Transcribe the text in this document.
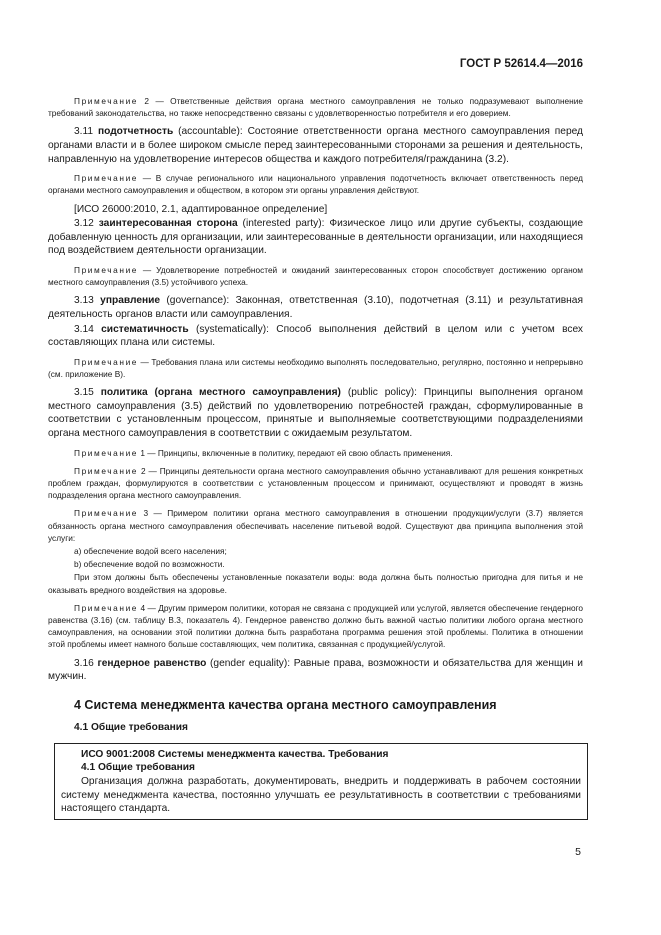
ГОСТ Р 52614.4—2016

Примечание 2 — Ответственные действия органа местного самоуправления не только подразумевают выполнение требований законодательства, но также непосредственно связаны с удовлетворенностью потребителя и его доверием.

3.11 подотчетность (accountable): Состояние ответственности органа местного самоуправления перед органами власти и в более широком смысле перед заинтересованными сторонами за решения и деятельность, направленную на удовлетворение интересов общества и каждого потребителя/гражданина (3.2).

Примечание — В случае регионального или национального управления подотчетность включает ответственность перед органами местного самоуправления и обществом, в котором эти органы управления действуют.

[ИСО 26000:2010, 2.1, адаптированное определение]

3.12 заинтересованная сторона (interested party): Физическое лицо или другие субъекты, создающие добавленную ценность для организации, или заинтересованные в деятельности организации, или находящиеся под воздействием деятельности организации.

Примечание — Удовлетворение потребностей и ожиданий заинтересованных сторон способствует достижению органом местного самоуправления (3.5) устойчивого успеха.

3.13 управление (governance): Законная, ответственная (3.10), подотчетная (3.11) и результативная деятельность органов власти или самоуправления.

3.14 систематичность (systematically): Способ выполнения действий в целом или с учетом всех составляющих плана или системы.

Примечание — Требования плана или системы необходимо выполнять последовательно, регулярно, постоянно и непрерывно (см. приложение В).

3.15 политика (органа местного самоуправления) (public policy): Принципы выполнения органом местного самоуправления (3.5) действий по удовлетворению потребностей граждан, сформулированные в соответствии с установленным процессом, принятые и выполняемые соответствующими подразделениями органа местного самоуправления в соответствии с ожидаемым результатом.

Примечание 1 — Принципы, включенные в политику, передают ей свою область применения.

Примечание 2 — Принципы деятельности органа местного самоуправления обычно устанавливают для решения конкретных проблем граждан, формулируются в соответствии с установленным процессом и принимают, осуществляют и проводят в жизнь подразделения органа местного самоуправления.

Примечание 3 — Примером политики органа местного самоуправления в отношении продукции/услуги (3.7) является обязанность органа местного самоуправления обеспечивать население питьевой водой. Существуют два принципа выполнения этой услуги:

a) обеспечение водой всего населения;

b) обеспечение водой по возможности.

При этом должны быть обеспечены установленные показатели воды: вода должна быть полностью пригодна для питья и не оказывать вредного воздействия на здоровье.

Примечание 4 — Другим примером политики, которая не связана с продукцией или услугой, является обеспечение гендерного равенства (3.16) (см. таблицу В.3, показатель 4). Гендерное равенство должно быть важной частью политики любого органа местного самоуправления, на основании этой политики должна быть разработана программа решения этой проблемы. Политика в отношении этой проблемы имеет намного больше составляющих, чем политика, связанная с продукцией/услугой.

3.16 гендерное равенство (gender equality): Равные права, возможности и обязательства для женщин и мужчин.

4 Система менеджмента качества органа местного самоуправления
4.1 Общие требования
ИСО 9001:2008 Системы менеджмента качества. Требования
4.1 Общие требования

Организация должна разработать, документировать, внедрить и поддерживать в рабочем состоянии систему менеджмента качества, постоянно улучшать ее результативность в соответствии с требованиями настоящего стандарта.

5
